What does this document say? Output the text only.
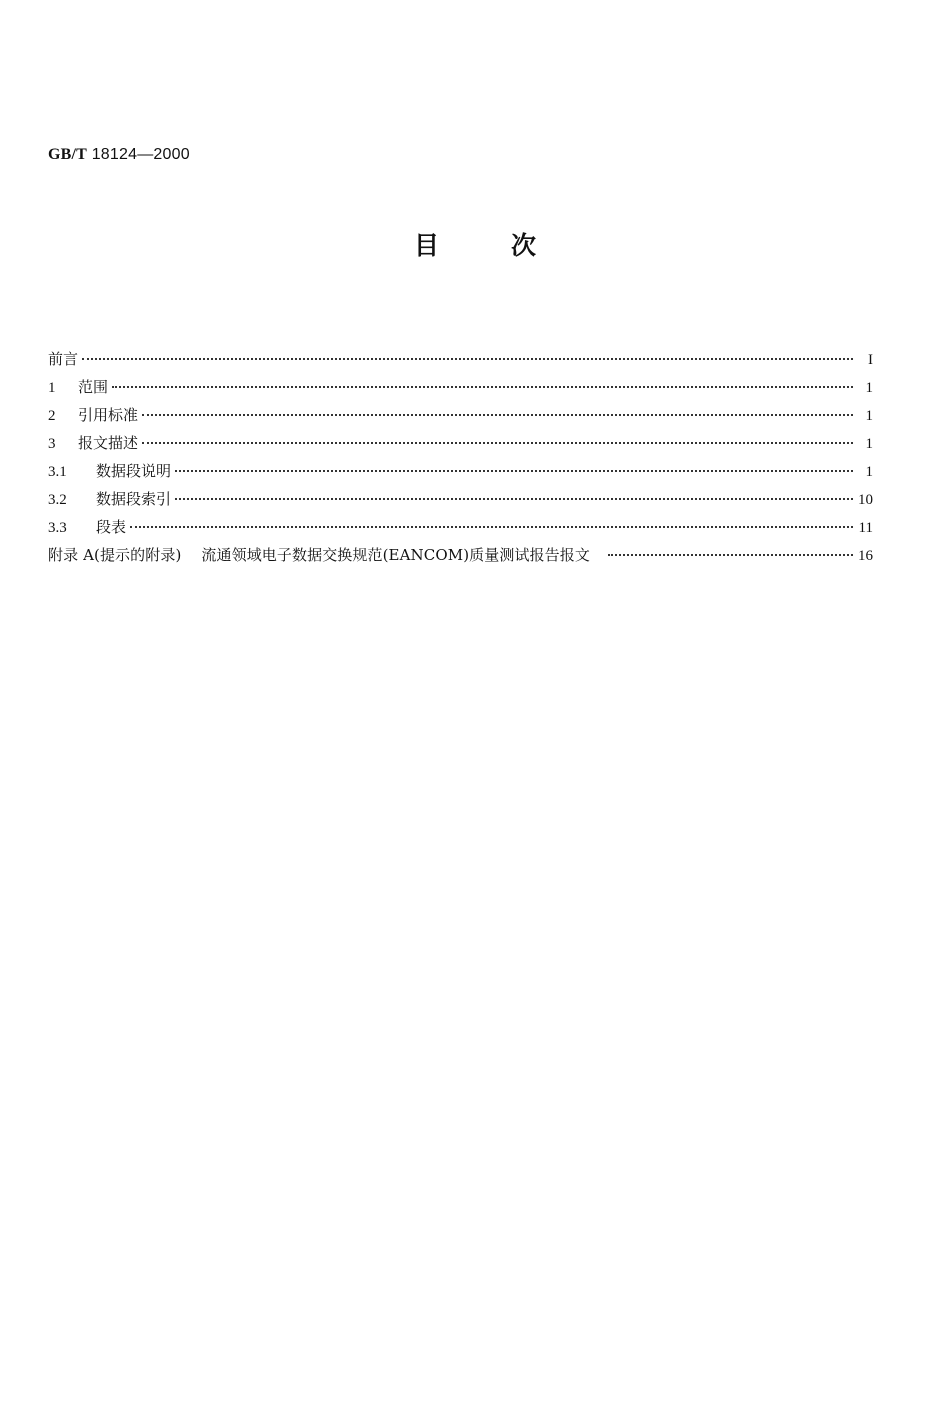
GB/T 18124—2000
目	次
前言	I
1	范围	1
2	引用标准	1
3	报文描述	1
3.1	数据段说明	1
3.2	数据段索引	10
3.3	段表	11
附录 A(提示的附录) 流通领域电子数据交换规范(EANCOM)质量测试报告报文	16
